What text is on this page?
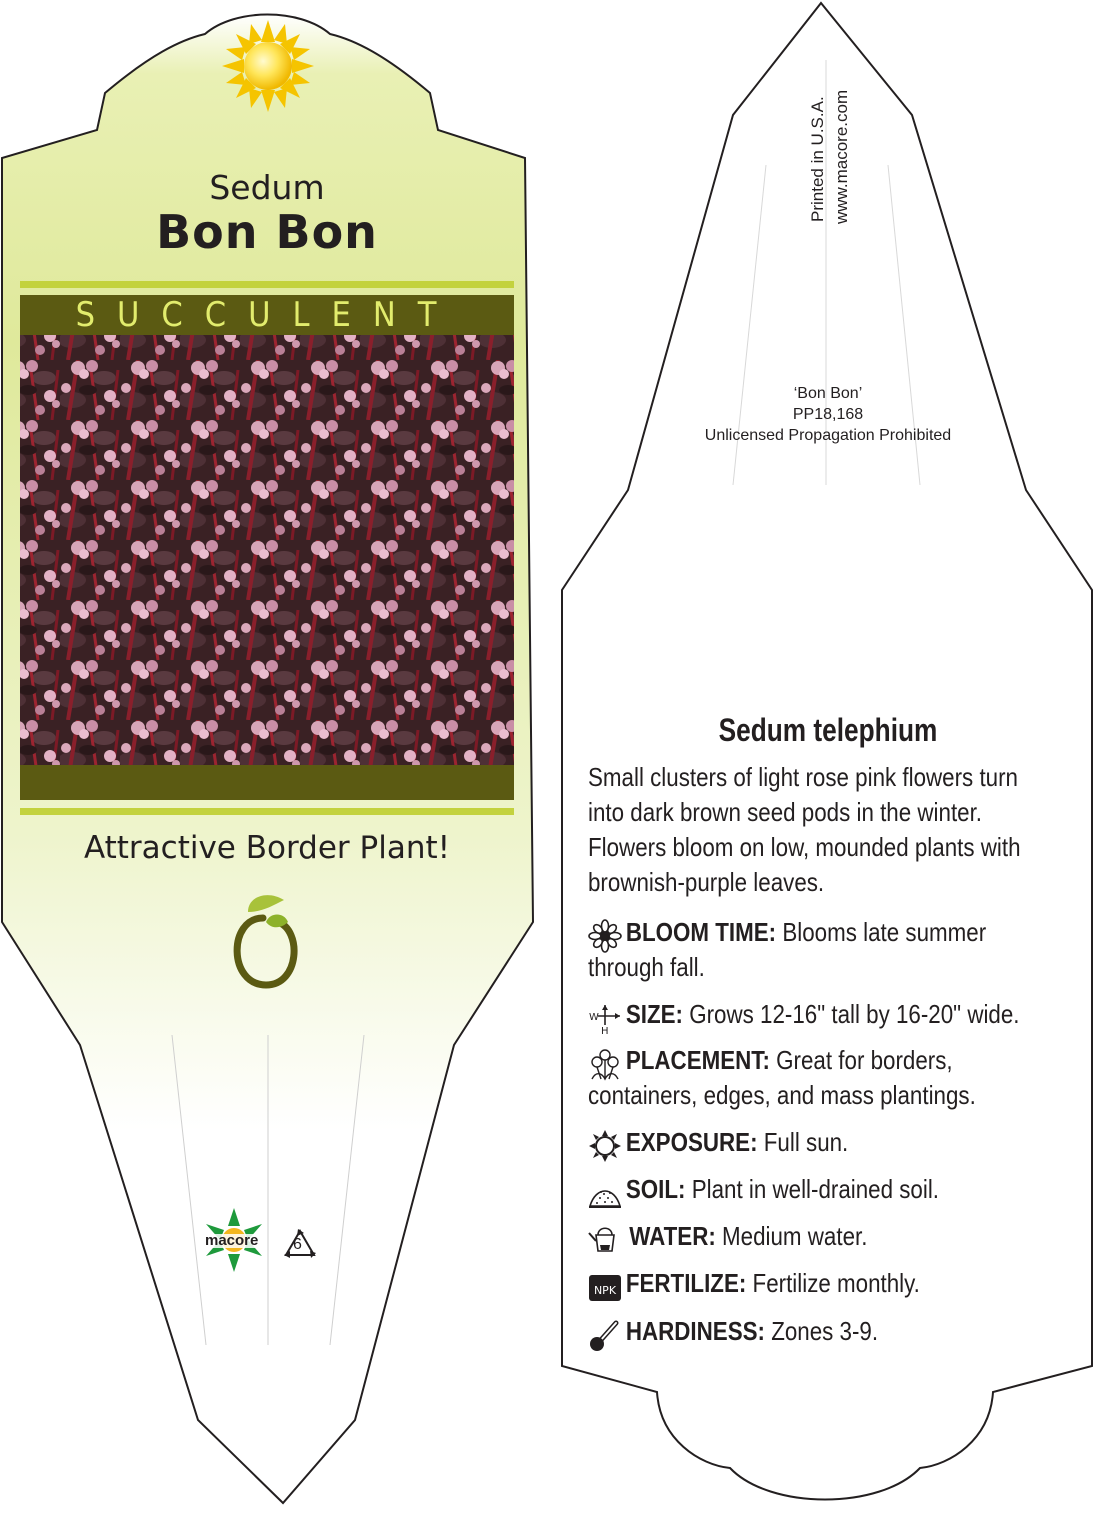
Sedum
Bon Bon
SUCCULENT
Attractive Border Plant!
macore 6
Printed in U.S.A. www.macore.com
‘Bon Bon’
PP18,168
Unlicensed Propagation Prohibited
Sedum telephium
Small clusters of light rose pink flowers turn into dark brown seed pods in the winter. Flowers bloom on low, mounded plants with brownish-purple leaves.
BLOOM TIME: Blooms late summer through fall.
W
H
SIZE: Grows 12-16" tall by 16-20" wide.
PLACEMENT: Great for borders, containers, edges, and mass plantings.
EXPOSURE: Full sun.
SOIL: Plant in well-drained soil.
WATER: Medium water.
NPK FERTILIZE: Fertilize monthly.
HARDINESS: Zones 3-9.
